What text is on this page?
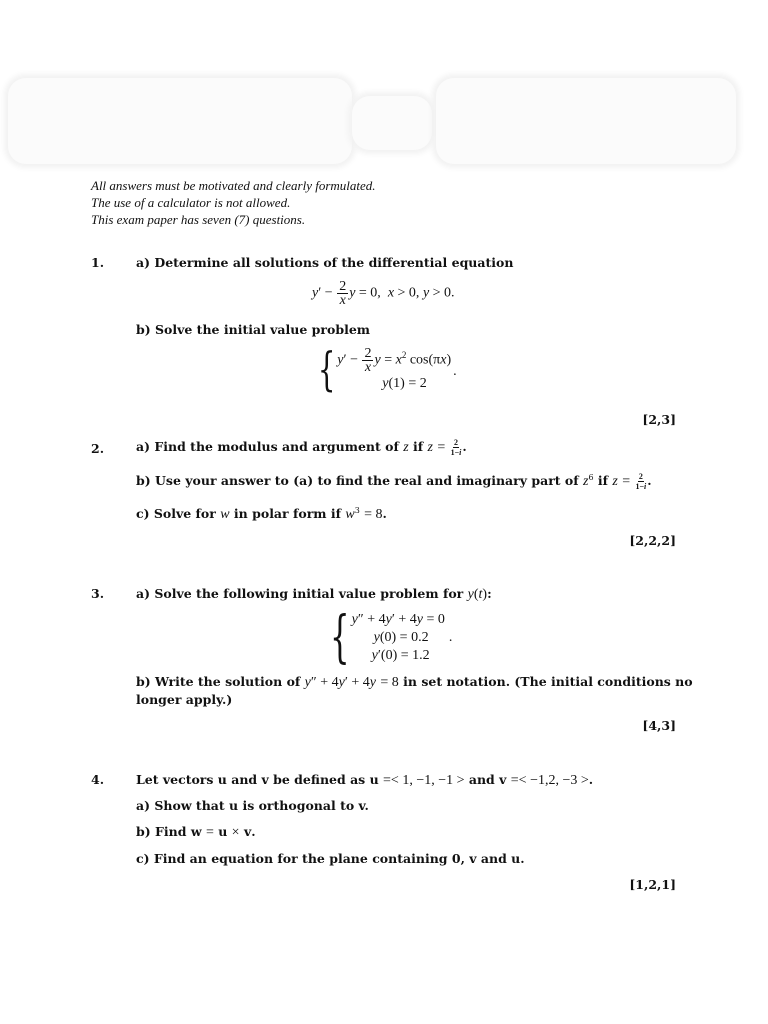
All answers must be motivated and clearly formulated.
The use of a calculator is not allowed.
This exam paper has seven (7) questions.
1.	a) Determine all solutions of the differential equation
$y' - \frac{2}{x}$ y = 0,  x > 0, y > 0.
b) Solve the initial value problem
{ $y' - \frac{2}{x}$ $y = x^2$ cos(πx)
y(1) = 2
.
[2,3]
2.	a) Find the modulus and argument of z if $z = \frac{2}{1-i}$ .
b) Use your answer to (a) to find the real and imaginary part of $z^6$ if $z = \frac{2}{1-i}$ .
c) Solve for w in polar form if $w^3 = 8$.
[2,2,2]
3.	a) Solve the following initial value problem for y(t):
{ y″ + 4y′ + 4y = 0
y(0) = 0.2
y′(0) = 1.2
.
b) Write the solution of y″ + 4y′ + 4y = 8 in set notation. (The initial conditions no
longer apply.)
[4,3]
4.	Let vectors u and v be defined as u =< 1, −1, −1 > and v =< −1,2, −3 >.
a) Show that u is orthogonal to v.
b) Find w = u × v.
c) Find an equation for the plane containing 0, v and u.
[1,2,1]
